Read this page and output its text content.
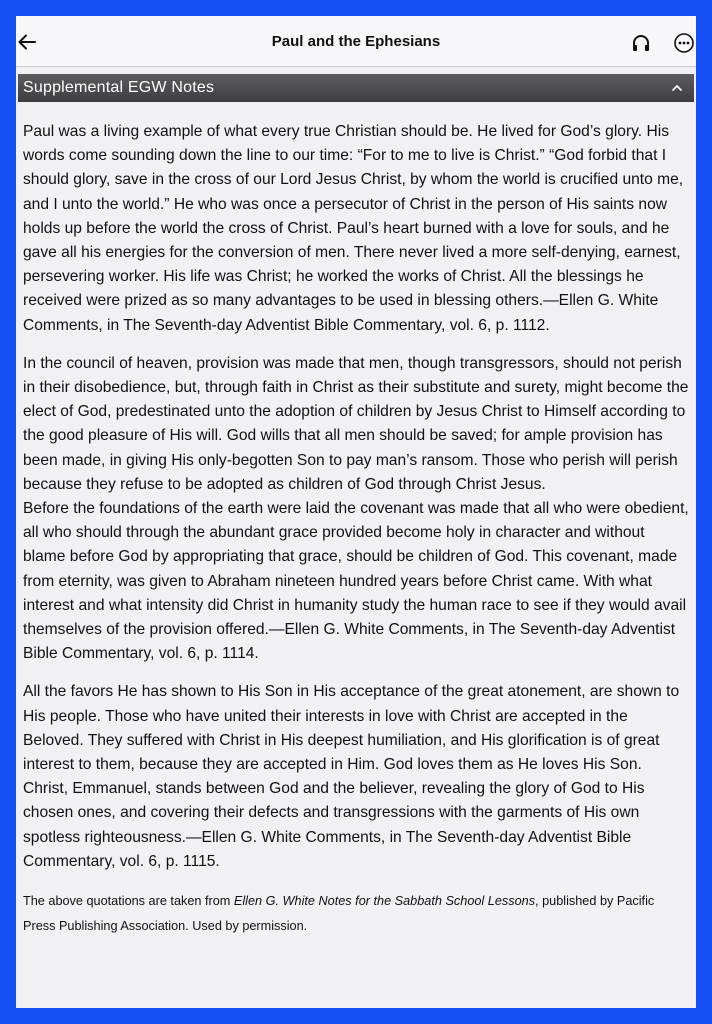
Paul and the Ephesians
Supplemental EGW Notes

Paul was a living example of what every true Christian should be. He lived for God’s glory. His words come sounding down the line to our time: “For to me to live is Christ.” “God forbid that I should glory, save in the cross of our Lord Jesus Christ, by whom the world is crucified unto me, and I unto the world.” He who was once a persecutor of Christ in the person of His saints now holds up before the world the cross of Christ. Paul’s heart burned with a love for souls, and he gave all his energies for the conversion of men. There never lived a more self-denying, earnest, persevering worker. His life was Christ; he worked the works of Christ. All the blessings he received were prized as so many advantages to be used in blessing others.—Ellen G. White Comments, in The Seventh-day Adventist Bible Commentary, vol. 6, p. 1112.

In the council of heaven, provision was made that men, though transgressors, should not perish in their disobedience, but, through faith in Christ as their substitute and surety, might become the elect of God, predestinated unto the adoption of children by Jesus Christ to Himself according to the good pleasure of His will. God wills that all men should be saved; for ample provision has been made, in giving His only-begotten Son to pay man’s ransom. Those who perish will perish because they refuse to be adopted as children of God through Christ Jesus.

Before the foundations of the earth were laid the covenant was made that all who were obedient, all who should through the abundant grace provided become holy in character and without blame before God by appropriating that grace, should be children of God. This covenant, made from eternity, was given to Abraham nineteen hundred years before Christ came. With what interest and what intensity did Christ in humanity study the human race to see if they would avail themselves of the provision offered.—Ellen G. White Comments, in The Seventh-day Adventist Bible Commentary, vol. 6, p. 1114.

All the favors He has shown to His Son in His acceptance of the great atonement, are shown to His people. Those who have united their interests in love with Christ are accepted in the Beloved. They suffered with Christ in His deepest humiliation, and His glorification is of great interest to them, because they are accepted in Him. God loves them as He loves His Son. Christ, Emmanuel, stands between God and the believer, revealing the glory of God to His chosen ones, and covering their defects and transgressions with the garments of His own spotless righteousness.—Ellen G. White Comments, in The Seventh-day Adventist Bible Commentary, vol. 6, p. 1115.

The above quotations are taken from Ellen G. White Notes for the Sabbath School Lessons, published by Pacific Press Publishing Association. Used by permission.
